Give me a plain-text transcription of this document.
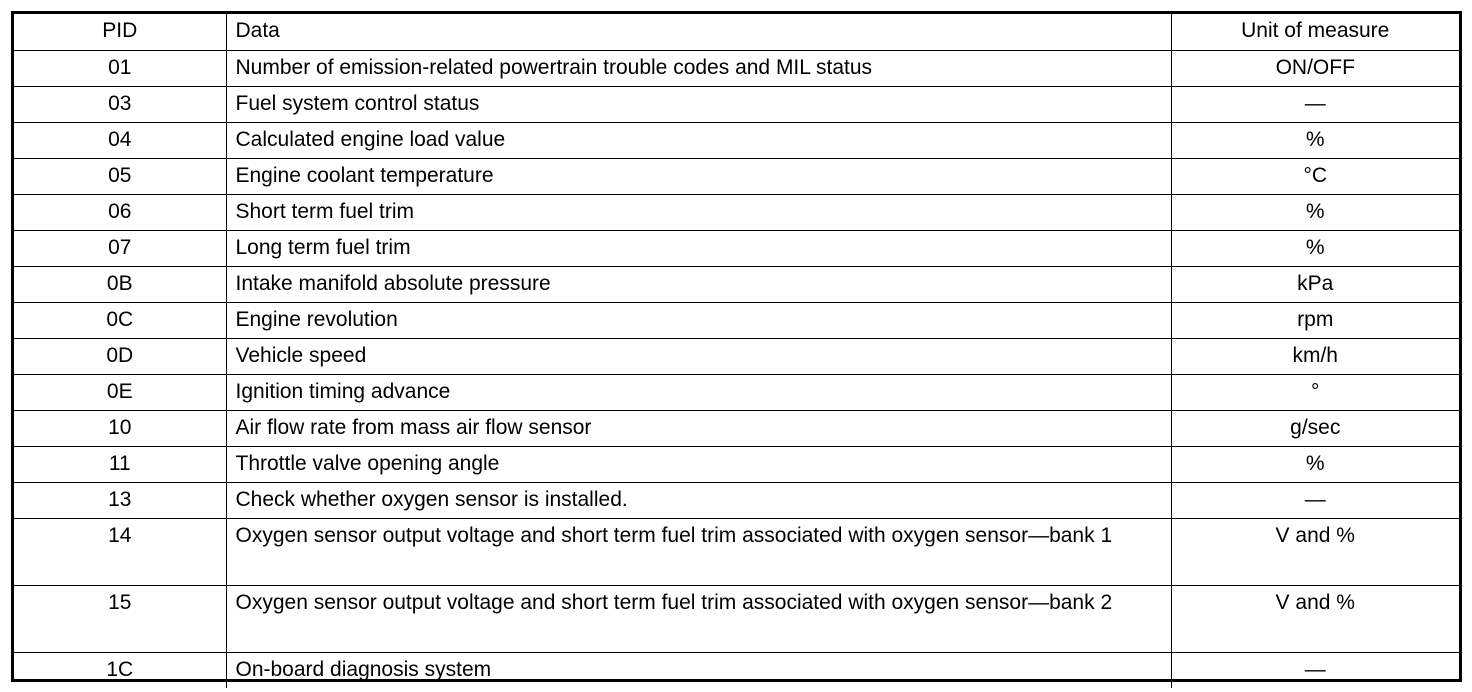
PID	Data	Unit of measure
01	Number of emission-related powertrain trouble codes and MIL status	ON/OFF
03	Fuel system control status	—
04	Calculated engine load value	%
05	Engine coolant temperature	°C
06	Short term fuel trim	%
07	Long term fuel trim	%
0B	Intake manifold absolute pressure	kPa
0C	Engine revolution	rpm
0D	Vehicle speed	km/h
0E	Ignition timing advance	°
10	Air flow rate from mass air flow sensor	g/sec
11	Throttle valve opening angle	%
13	Check whether oxygen sensor is installed.	—
14	Oxygen sensor output voltage and short term fuel trim associated with oxygen sensor—bank 1	V and %
15	Oxygen sensor output voltage and short term fuel trim associated with oxygen sensor—bank 2	V and %
1C	On-board diagnosis system	—
